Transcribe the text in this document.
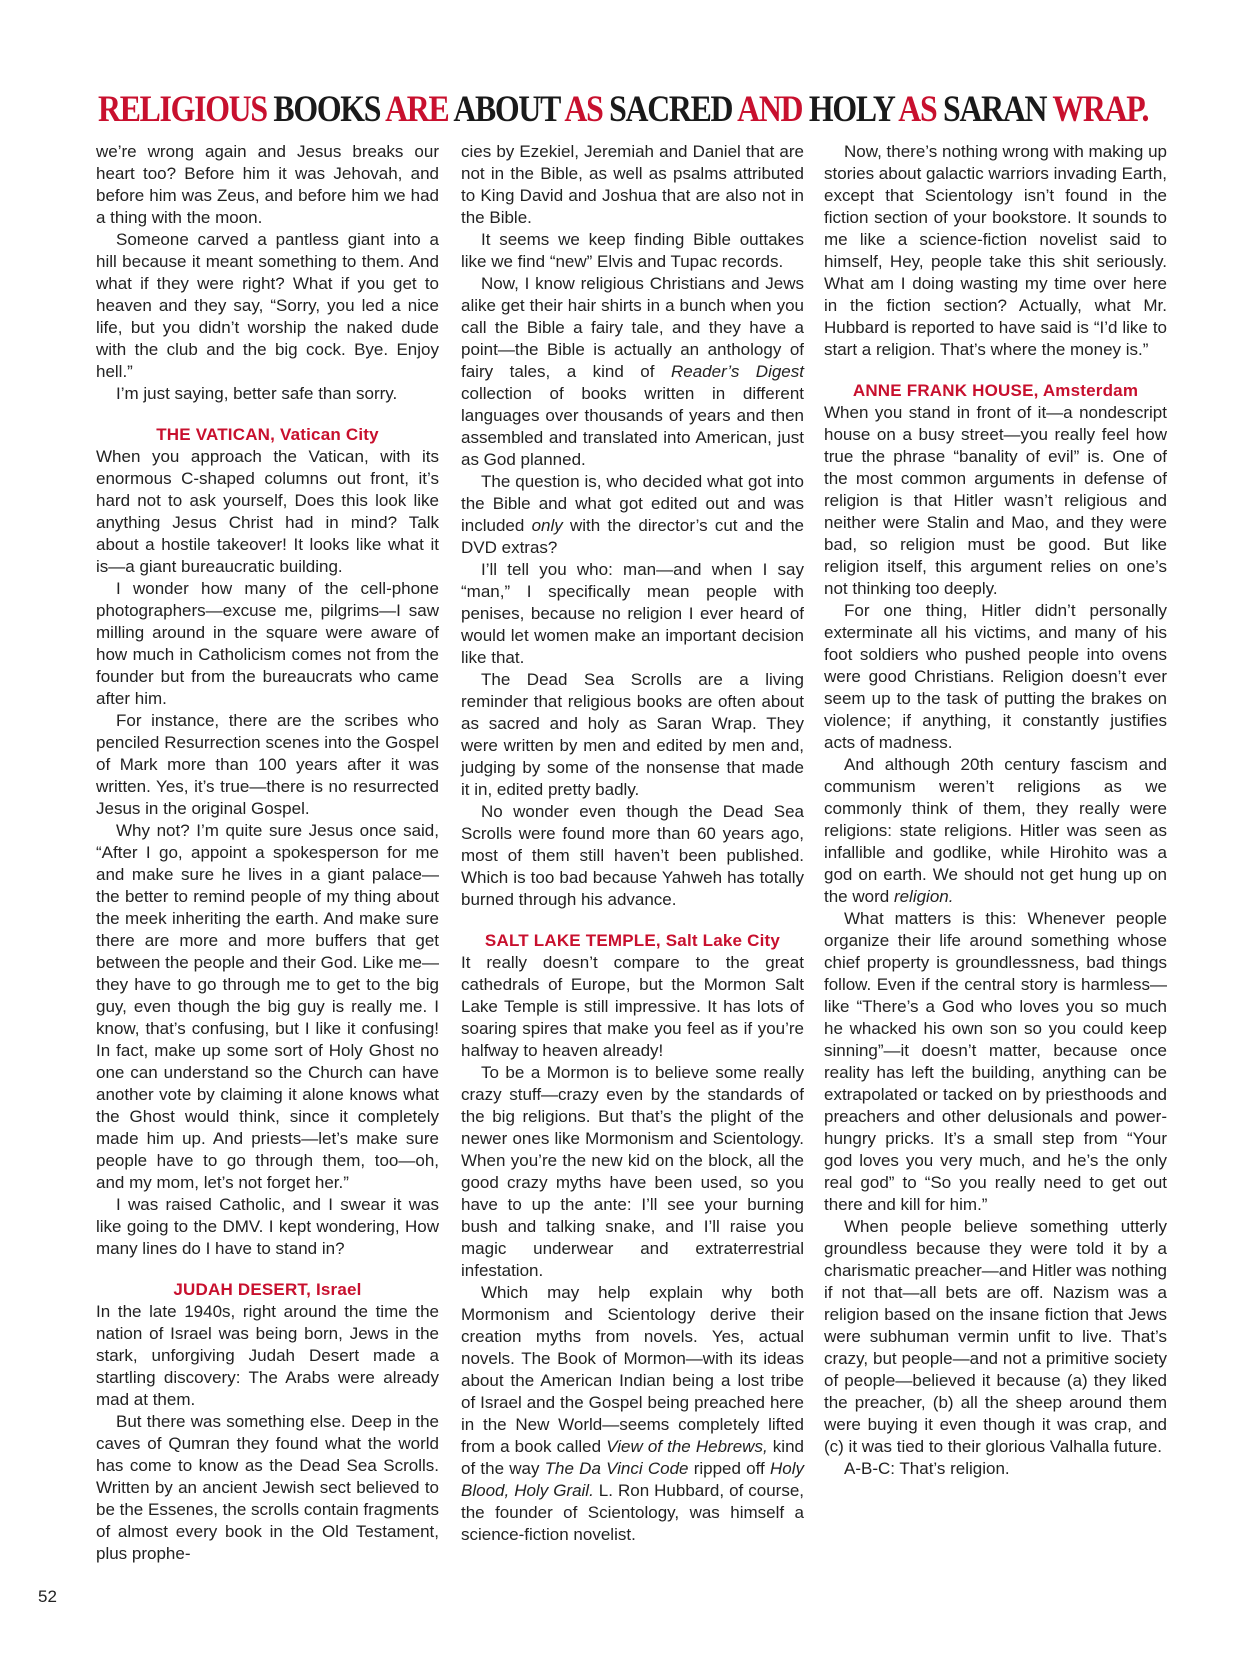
RELIGIOUS BOOKS ARE ABOUT AS SACRED AND HOLY AS SARAN WRAP.

we’re wrong again and Jesus breaks our heart too? Before him it was Jehovah, and before him was Zeus, and before him we had a thing with the moon.

Someone carved a pantless giant into a hill because it meant something to them. And what if they were right? What if you get to heaven and they say, “Sorry, you led a nice life, but you didn’t worship the naked dude with the club and the big cock. Bye. Enjoy hell.”

I’m just saying, better safe than sorry.

THE VATICAN, Vatican City

When you approach the Vatican, with its enormous C-shaped columns out front, it’s hard not to ask yourself, Does this look like anything Jesus Christ had in mind? Talk about a hostile takeover! It looks like what it is—a giant bureaucratic building.

I wonder how many of the cell-phone photographers—excuse me, pilgrims—I saw milling around in the square were aware of how much in Catholicism comes not from the founder but from the bureaucrats who came after him.

For instance, there are the scribes who penciled Resurrection scenes into the Gospel of Mark more than 100 years after it was written. Yes, it’s true—there is no resurrected Jesus in the original Gospel.

Why not? I’m quite sure Jesus once said, “After I go, appoint a spokesperson for me and make sure he lives in a giant palace—the better to remind people of my thing about the meek inheriting the earth. And make sure there are more and more buffers that get between the people and their God. Like me—they have to go through me to get to the big guy, even though the big guy is really me. I know, that’s confusing, but I like it confusing! In fact, make up some sort of Holy Ghost no one can understand so the Church can have another vote by claiming it alone knows what the Ghost would think, since it completely made him up. And priests—let’s make sure people have to go through them, too—oh, and my mom, let’s not forget her.”

I was raised Catholic, and I swear it was like going to the DMV. I kept wondering, How many lines do I have to stand in?

JUDAH DESERT, Israel

In the late 1940s, right around the time the nation of Israel was being born, Jews in the stark, unforgiving Judah Desert made a startling discovery: The Arabs were already mad at them.

But there was something else. Deep in the caves of Qumran they found what the world has come to know as the Dead Sea Scrolls. Written by an ancient Jewish sect believed to be the Essenes, the scrolls contain fragments of almost every book in the Old Testament, plus prophe-

cies by Ezekiel, Jeremiah and Daniel that are not in the Bible, as well as psalms attributed to King David and Joshua that are also not in the Bible.

It seems we keep finding Bible outtakes like we find “new” Elvis and Tupac records.

Now, I know religious Christians and Jews alike get their hair shirts in a bunch when you call the Bible a fairy tale, and they have a point—the Bible is actually an anthology of fairy tales, a kind of Reader’s Digest collection of books written in different languages over thousands of years and then assembled and translated into American, just as God planned.

The question is, who decided what got into the Bible and what got edited out and was included only with the director’s cut and the DVD extras?

I’ll tell you who: man—and when I say “man,” I specifically mean people with penises, because no religion I ever heard of would let women make an important decision like that.

The Dead Sea Scrolls are a living reminder that religious books are often about as sacred and holy as Saran Wrap. They were written by men and edited by men and, judging by some of the nonsense that made it in, edited pretty badly.

No wonder even though the Dead Sea Scrolls were found more than 60 years ago, most of them still haven’t been published. Which is too bad because Yahweh has totally burned through his advance.

SALT LAKE TEMPLE, Salt Lake City

It really doesn’t compare to the great cathedrals of Europe, but the Mormon Salt Lake Temple is still impressive. It has lots of soaring spires that make you feel as if you’re halfway to heaven already!

To be a Mormon is to believe some really crazy stuff—crazy even by the standards of the big religions. But that’s the plight of the newer ones like Mormonism and Scientology. When you’re the new kid on the block, all the good crazy myths have been used, so you have to up the ante: I’ll see your burning bush and talking snake, and I’ll raise you magic underwear and extraterrestrial infestation.

Which may help explain why both Mormonism and Scientology derive their creation myths from novels. Yes, actual novels. The Book of Mormon—with its ideas about the American Indian being a lost tribe of Israel and the Gospel being preached here in the New World—seems completely lifted from a book called View of the Hebrews, kind of the way The Da Vinci Code ripped off Holy Blood, Holy Grail. L. Ron Hubbard, of course, the founder of Scientology, was himself a science-fiction novelist.

Now, there’s nothing wrong with making up stories about galactic warriors invading Earth, except that Scientology isn’t found in the fiction section of your bookstore. It sounds to me like a science-fiction novelist said to himself, Hey, people take this shit seriously. What am I doing wasting my time over here in the fiction section? Actually, what Mr. Hubbard is reported to have said is “I’d like to start a religion. That’s where the money is.”

ANNE FRANK HOUSE, Amsterdam

When you stand in front of it—a nondescript house on a busy street—you really feel how true the phrase “banality of evil” is. One of the most common arguments in defense of religion is that Hitler wasn’t religious and neither were Stalin and Mao, and they were bad, so religion must be good. But like religion itself, this argument relies on one’s not thinking too deeply.

For one thing, Hitler didn’t personally exterminate all his victims, and many of his foot soldiers who pushed people into ovens were good Christians. Religion doesn’t ever seem up to the task of putting the brakes on violence; if anything, it constantly justifies acts of madness.

And although 20th century fascism and communism weren’t religions as we commonly think of them, they really were religions: state religions. Hitler was seen as infallible and godlike, while Hirohito was a god on earth. We should not get hung up on the word religion.

What matters is this: Whenever people organize their life around something whose chief property is groundlessness, bad things follow. Even if the central story is harmless—like “There’s a God who loves you so much he whacked his own son so you could keep sinning”—it doesn’t matter, because once reality has left the building, anything can be extrapolated or tacked on by priesthoods and preachers and other delusionals and power-hungry pricks. It’s a small step from “Your god loves you very much, and he’s the only real god” to “So you really need to get out there and kill for him.”

When people believe something utterly groundless because they were told it by a charismatic preacher—and Hitler was nothing if not that—all bets are off. Nazism was a religion based on the insane fiction that Jews were subhuman vermin unfit to live. That’s crazy, but people—and not a primitive society of people—believed it because (a) they liked the preacher, (b) all the sheep around them were buying it even though it was crap, and (c) it was tied to their glorious Valhalla future.

A-B-C: That’s religion.

52
